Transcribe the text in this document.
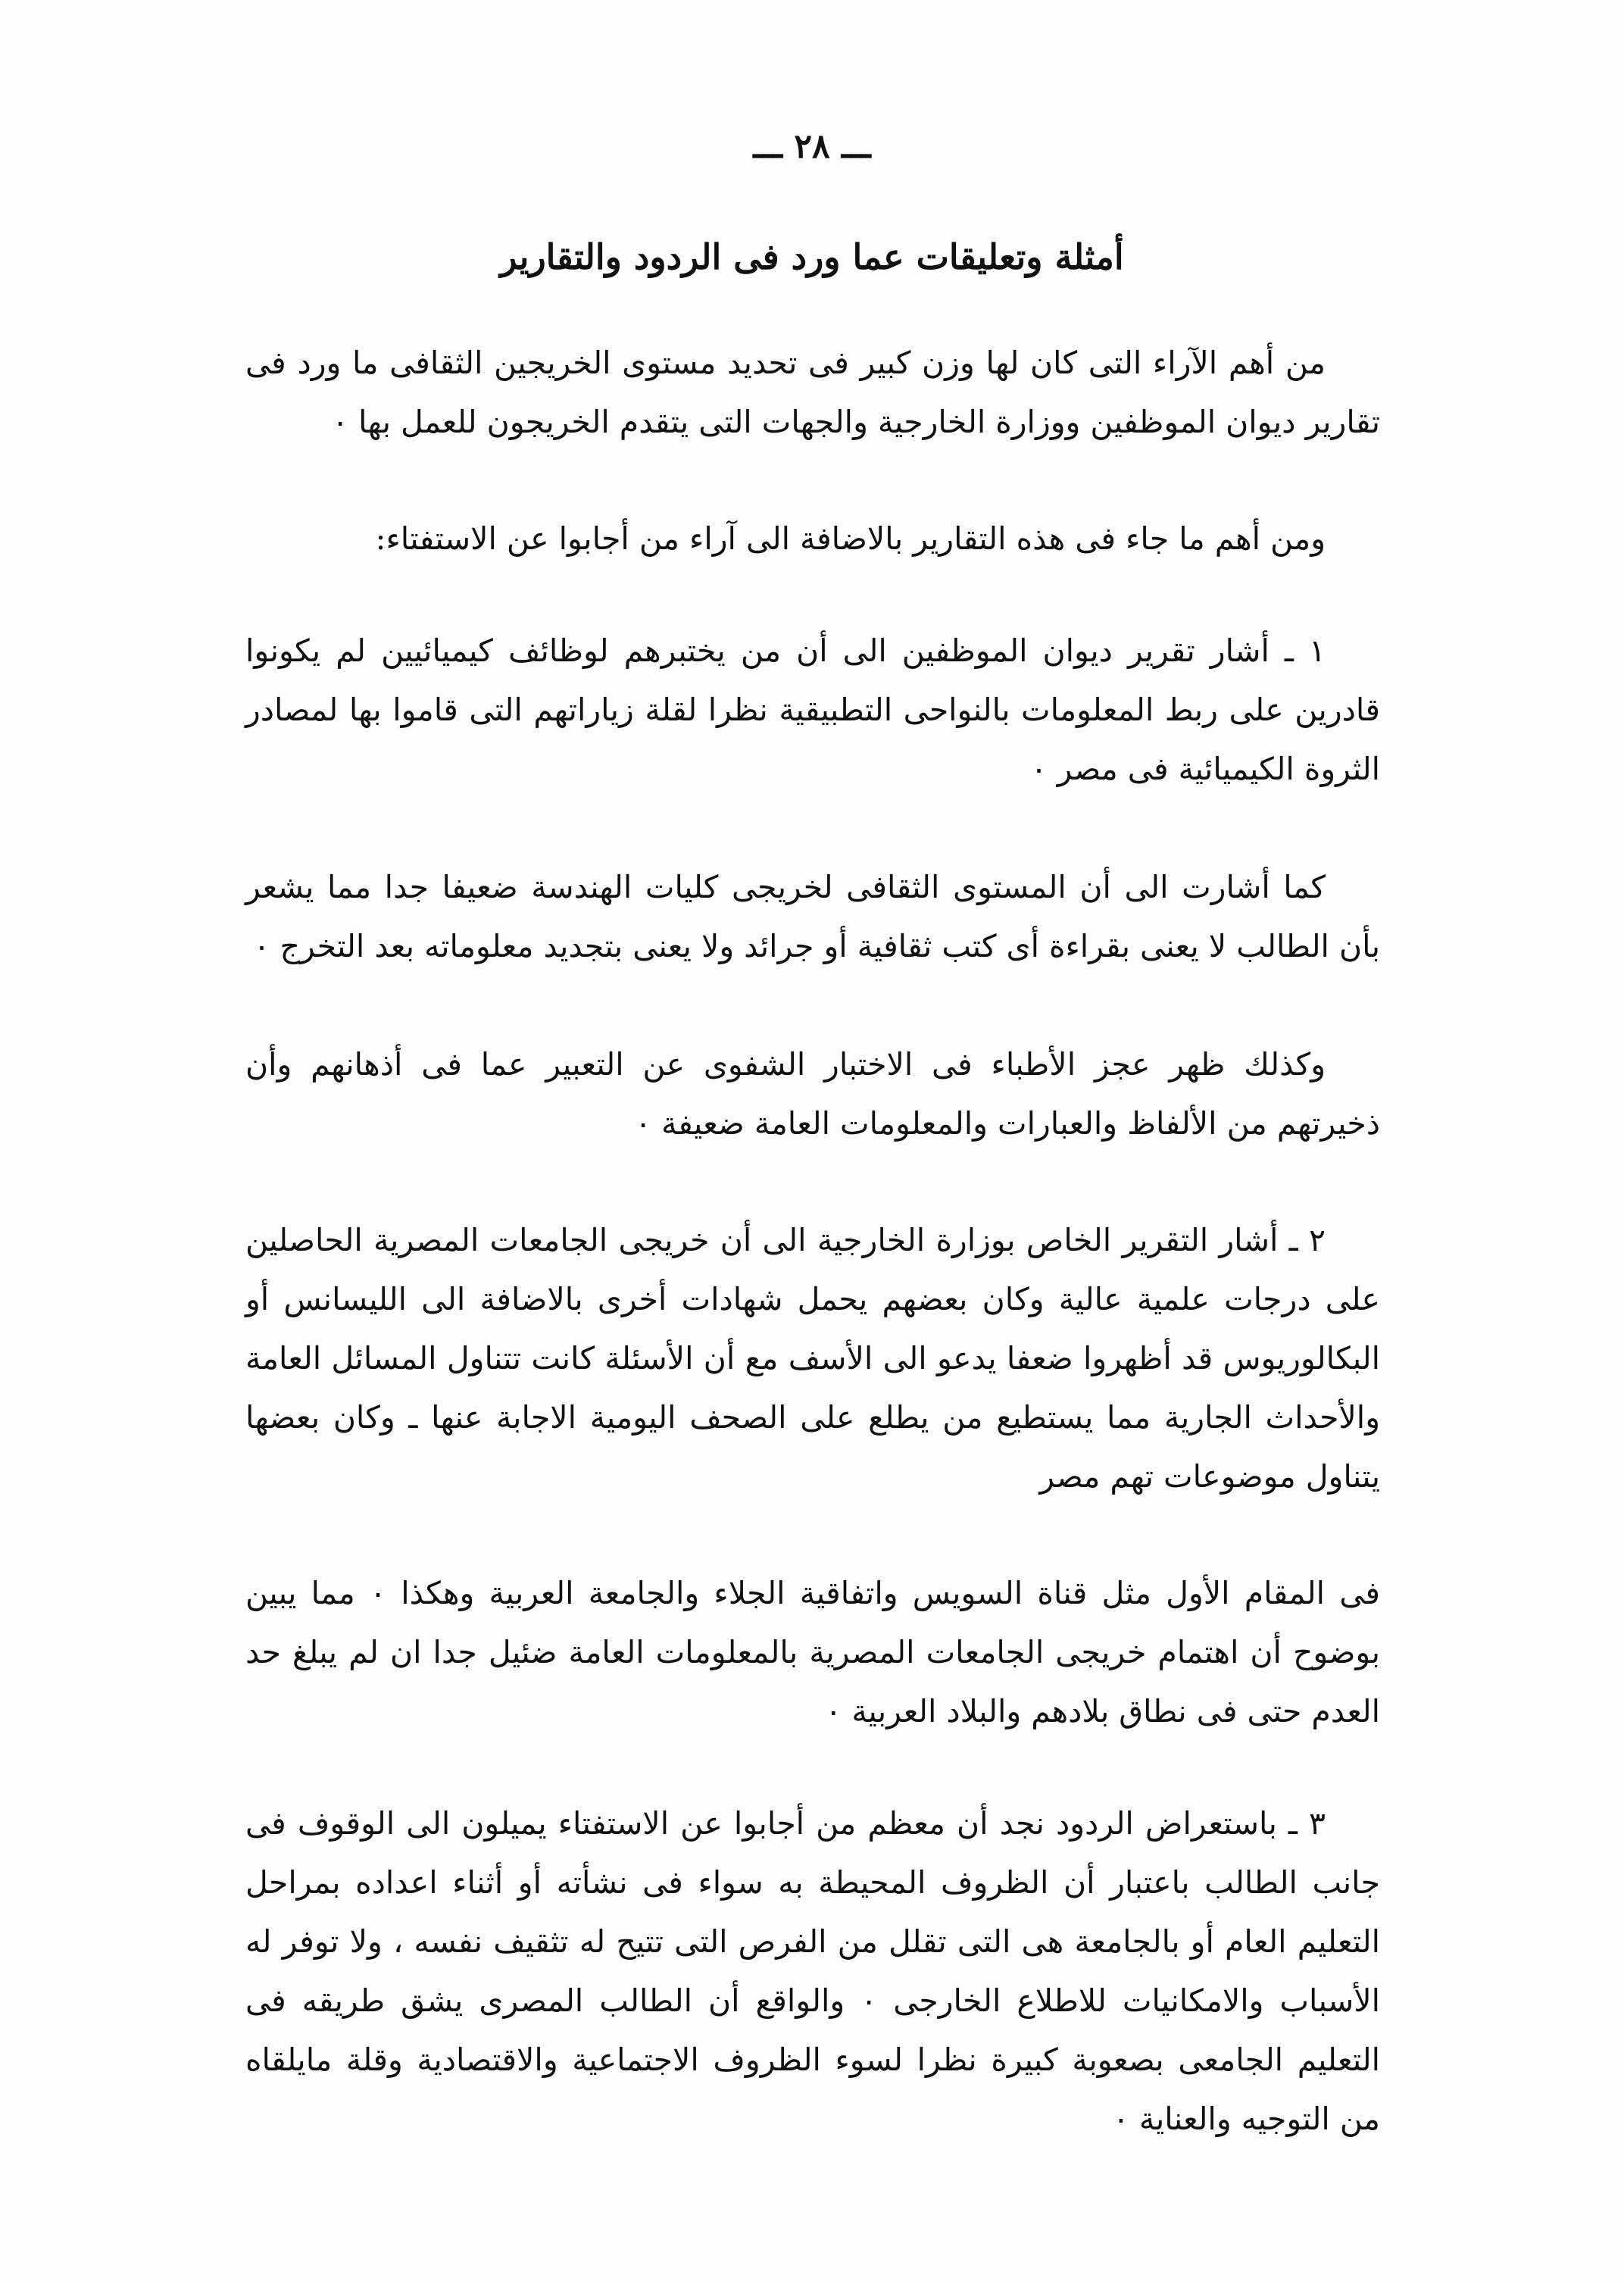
ـــ ٢٨ ـــ
أمثلة وتعليقات عما ورد فى الردود والتقارير

من أهم الآراء التى كان لها وزن كبير فى تحديد مستوى الخريجين الثقافى ما ورد فى تقارير ديوان الموظفين ووزارة الخارجية والجهات التى يتقدم الخريجون للعمل بها ٠

ومن أهم ما جاء فى هذه التقارير بالاضافة الى آراء من أجابوا عن الاستفتاء:

١ ـ أشار تقرير ديوان الموظفين الى أن من يختبرهم لوظائف كيميائيين لم يكونوا قادرين على ربط المعلومات بالنواحى التطبيقية نظرا لقلة زياراتهم التى قاموا بها لمصادر الثروة الكيميائية فى مصر ٠

كما أشارت الى أن المستوى الثقافى لخريجى كليات الهندسة ضعيفا جدا مما يشعر بأن الطالب لا يعنى بقراءة أى كتب ثقافية أو جرائد ولا يعنى بتجديد معلوماته بعد التخرج ٠

وكذلك ظهر عجز الأطباء فى الاختبار الشفوى عن التعبير عما فى أذهانهم وأن ذخيرتهم من الألفاظ والعبارات والمعلومات العامة ضعيفة ٠

٢ ـ أشار التقرير الخاص بوزارة الخارجية الى أن خريجى الجامعات المصرية الحاصلين على درجات علمية عالية وكان بعضهم يحمل شهادات أخرى بالاضافة الى الليسانس أو البكالوريوس قد أظهروا ضعفا يدعو الى الأسف مع أن الأسئلة كانت تتناول المسائل العامة والأحداث الجارية مما يستطيع من يطلع على الصحف اليومية الاجابة عنها ـ وكان بعضها يتناول موضوعات تهم مصر

فى المقام الأول مثل قناة السويس واتفاقية الجلاء والجامعة العربية وهكذا ٠ مما يبين بوضوح أن اهتمام خريجى الجامعات المصرية بالمعلومات العامة ضئيل جدا ان لم يبلغ حد العدم حتى فى نطاق بلادهم والبلاد العربية ٠

٣ ـ باستعراض الردود نجد أن معظم من أجابوا عن الاستفتاء يميلون الى الوقوف فى جانب الطالب باعتبار أن الظروف المحيطة به سواء فى نشأته أو أثناء اعداده بمراحل التعليم العام أو بالجامعة هى التى تقلل من الفرص التى تتيح له تثقيف نفسه ، ولا توفر له الأسباب والامكانيات للاطلاع الخارجى ٠ والواقع أن الطالب المصرى يشق طريقه فى التعليم الجامعى بصعوبة كبيرة نظرا لسوء الظروف الاجتماعية والاقتصادية وقلة مايلقاه من التوجيه والعناية ٠
